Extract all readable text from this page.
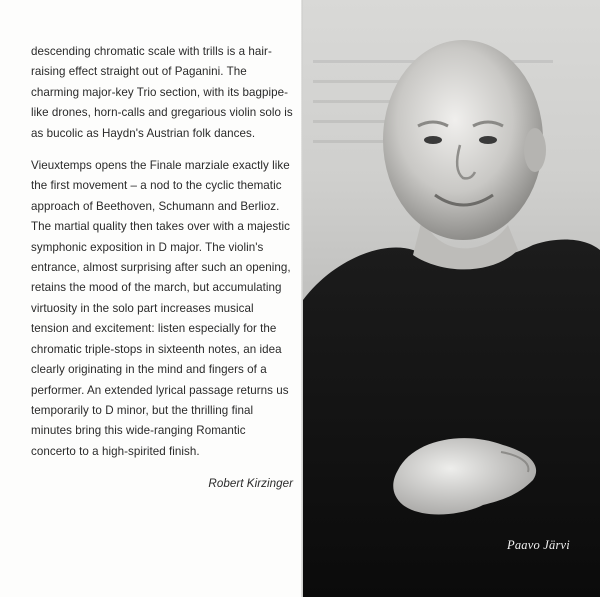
descending chromatic scale with trills is a hair-raising effect straight out of Paganini. The charming major-key Trio section, with its bagpipe-like drones, horn-calls and gregarious violin solo is as bucolic as Haydn's Austrian folk dances.

Vieuxtemps opens the Finale marziale exactly like the first movement – a nod to the cyclic thematic approach of Beethoven, Schumann and Berlioz. The martial quality then takes over with a majestic symphonic exposition in D major. The violin's entrance, almost surprising after such an opening, retains the mood of the march, but accumulating virtuosity in the solo part increases musical tension and excitement: listen especially for the chromatic triple-stops in sixteenth notes, an idea clearly originating in the mind and fingers of a performer. An extended lyrical passage returns us temporarily to D minor, but the thrilling final minutes bring this wide-ranging Romantic concerto to a high-spirited finish.

Robert Kirzinger
Paavo Järvi
